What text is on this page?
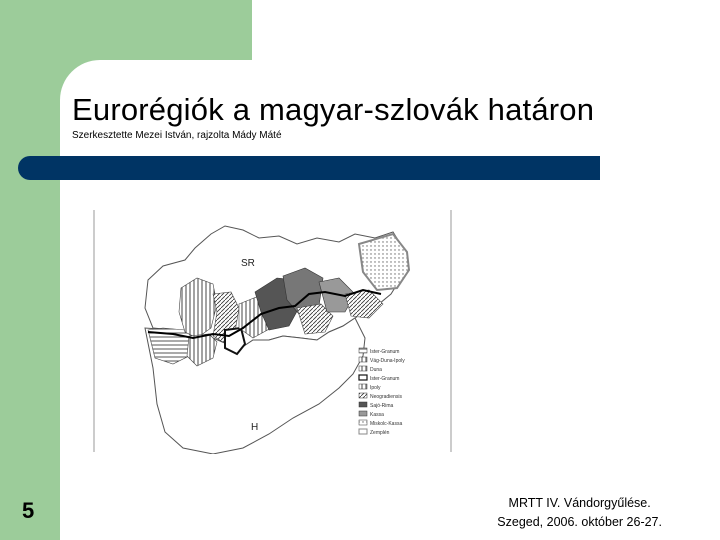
Eurorégiók a magyar-szlovák határon
Szerkesztette Mezei István, rajzolta Mády Máté
SR
H
Ister-Granum
Vág-Duna-Ipoly
Duna
Ister-Granum
Ipoly
Neogradiensis
Sajó-Rima
Kassa
Miskolc-Kassa
Zemplén
5	MRTT IV. Vándorgyűlése.
Szeged, 2006. október 26-27.
